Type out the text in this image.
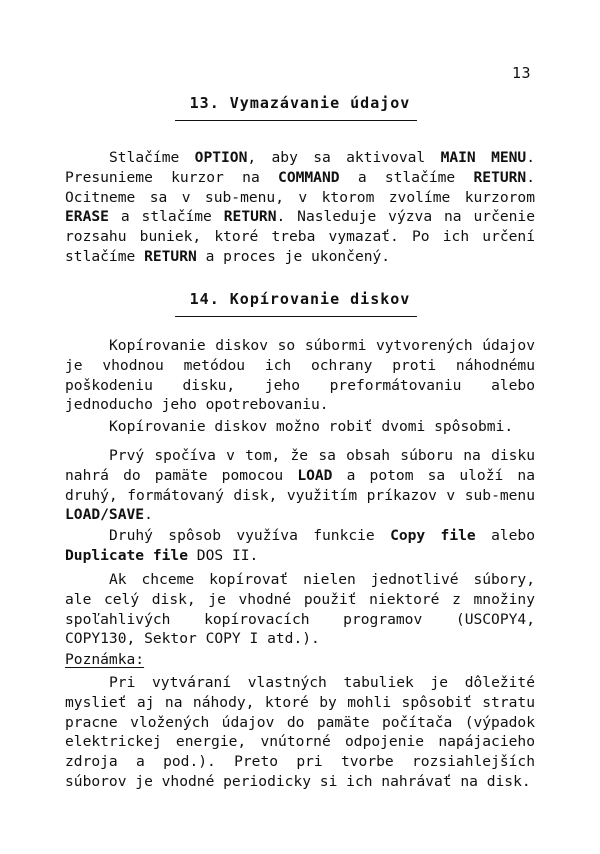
13
13. Vymazávanie údajov

Stlačíme OPTION, aby sa aktivoval MAIN MENU. Presunieme kurzor na COMMAND a stlačíme RETURN. Ocitneme sa v sub-menu, v ktorom zvolíme kurzorom ERASE a stlačíme RETURN. Nasleduje výzva na určenie rozsahu buniek, ktoré treba vymazať. Po ich určení stlačíme RETURN a proces je ukončený.

14. Kopírovanie diskov

Kopírovanie diskov so súbormi vytvorených údajov je vhodnou metódou ich ochrany proti náhodnému poškodeniu disku, jeho preformátovaniu alebo jednoducho jeho opotrebovaniu.

Kopírovanie diskov možno robiť dvomi spôsobmi.

Prvý spočíva v tom, že sa obsah súboru na disku nahrá do pamäte pomocou LOAD a potom sa uloží na druhý, formátovaný disk, využitím príkazov v sub-menu LOAD/SAVE.

Druhý spôsob využíva funkcie Copy file alebo Duplicate file DOS II.

Ak chceme kopírovať nielen jednotlivé súbory, ale celý disk, je vhodné použiť niektoré z množiny spoľahlivých kopírovacích programov (USCOPY4, COPY130, Sektor COPY I atd.).

Poznámka:

Pri vytváraní vlastných tabuliek je dôležité myslieť aj na náhody, ktoré by mohli spôsobiť stratu pracne vložených údajov do pamäte počítača (výpadok elektrickej energie, vnútorné odpojenie napájacieho zdroja a pod.). Preto pri tvorbe rozsiahlejších súborov je vhodné periodicky si ich nahrávať na disk.
